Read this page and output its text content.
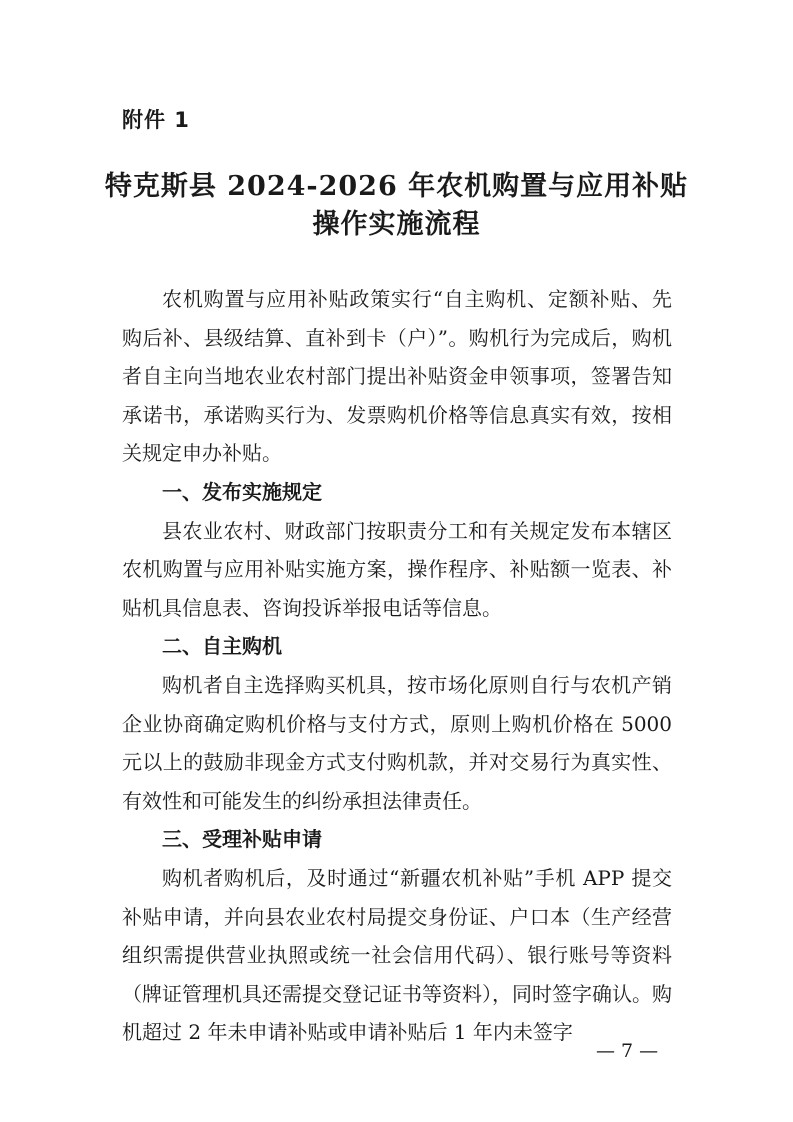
附件 1
特克斯县 2024-2026 年农机购置与应用补贴
操作实施流程

农机购置与应用补贴政策实行“自主购机、定额补贴、先购后补、县级结算、直补到卡（户）”。购机行为完成后，购机者自主向当地农业农村部门提出补贴资金申领事项，签署告知承诺书，承诺购买行为、发票购机价格等信息真实有效，按相关规定申办补贴。

一、发布实施规定

县农业农村、财政部门按职责分工和有关规定发布本辖区农机购置与应用补贴实施方案，操作程序、补贴额一览表、补贴机具信息表、咨询投诉举报电话等信息。

二、自主购机

购机者自主选择购买机具，按市场化原则自行与农机产销企业协商确定购机价格与支付方式，原则上购机价格在 5000 元以上的鼓励非现金方式支付购机款，并对交易行为真实性、有效性和可能发生的纠纷承担法律责任。

三、受理补贴申请

购机者购机后，及时通过“新疆农机补贴”手机 APP 提交补贴申请，并向县农业农村局提交身份证、户口本（生产经营组织需提供营业执照或统一社会信用代码）、银行账号等资料（牌证管理机具还需提交登记证书等资料），同时签字确认。购机超过 2 年未申请补贴或申请补贴后 1 年内未签字

— 7 —
